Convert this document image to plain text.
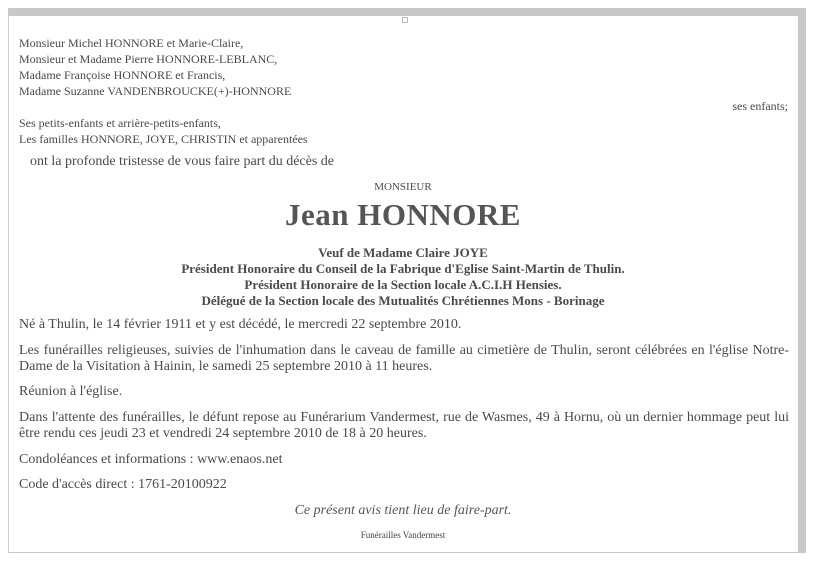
Monsieur Michel HONNORE et Marie-Claire,
Monsieur et Madame Pierre HONNORE-LEBLANC,
Madame Françoise HONNORE et Francis,
Madame Suzanne VANDENBROUCKE(+)-HONNORE
ses enfants;
Ses petits-enfants et arrière-petits-enfants,
Les familles HONNORE, JOYE, CHRISTIN et apparentées
ont la profonde tristesse de vous faire part du décès de
MONSIEUR
Jean HONNORE
Veuf de Madame Claire JOYE
Président Honoraire du Conseil de la Fabrique d'Eglise Saint-Martin de Thulin.
Président Honoraire de la Section locale A.C.I.H Hensies.
Délégué de la Section locale des Mutualités Chrétiennes Mons - Borinage
Né à Thulin, le 14 février 1911 et y est décédé, le mercredi 22 septembre 2010.
Les funérailles religieuses, suivies de l'inhumation dans le caveau de famille au cimetière de Thulin, seront célébrées en l'église Notre-Dame de la Visitation à Hainin, le samedi 25 septembre 2010 à 11 heures.
Réunion à l'église.
Dans l'attente des funérailles, le défunt repose au Funérarium Vandermest, rue de Wasmes, 49 à Hornu, où un dernier hommage peut lui être rendu ces jeudi 23 et vendredi 24 septembre 2010 de 18 à 20 heures.
Condoléances et informations : www.enaos.net
Code d'accès direct : 1761-20100922
Ce présent avis tient lieu de faire-part.
Funérailles Vandermest
